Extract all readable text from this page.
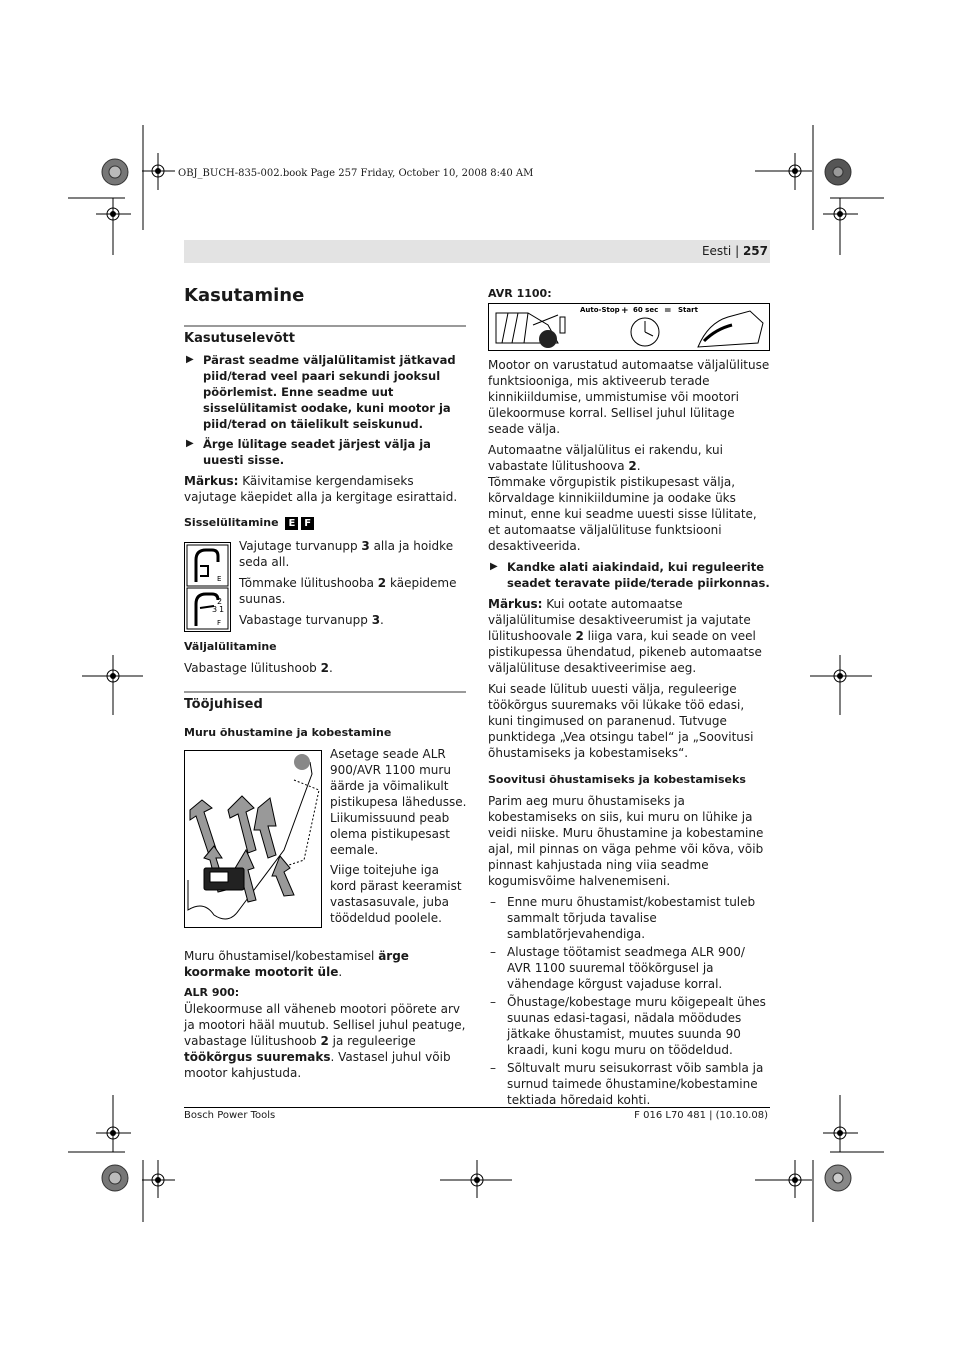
OBJ_BUCH-835-002.book Page 257 Friday, October 10, 2008 8:40 AM
Eesti | 257
Kasutamine
Kasutuselevõtt
▶ Pärast seadme väljalülitamist jätkavad piid/terad veel paari sekundi jooksul pöörlemist. Enne seadme uut sisselülitamist oodake, kuni mootor ja piid/terad on täielikult seiskunud.
▶ Ärge lülitage seadet järjest välja ja uuesti sisse.

Märkus: Käivitamise kergendamiseks vajutage käepidet alla ja kergitage esirattaid.

Sisselülitamine E F
E
2
1
3
F

Vajutage turvanupp 3 alla ja hoidke seda all.

Tõmmake lülitushooba 2 käepideme suunas.

Vabastage turvanupp 3.

Väljalülitamine

Vabastage lülitushoob 2.

Tööjuhised
Muru õhustamine ja kobestamine

Asetage seade ALR 900/AVR 1100 muru äärde ja võimalikult pistikupesa lähedusse. Liikumissuund peab olema pistikupesast eemale.

Viige toitejuhe iga kord pärast keeramist vastasasuvale, juba töödeldud poolele.

Muru õhustamisel/kobestamisel ärge koormake mootorit üle.

ALR 900:

Ülekoormuse all väheneb mootori pöörete arv ja mootori hääl muutub. Sellisel juhul peatuge, vabastage lülitushoob 2 ja reguleerige töökõrgus suuremaks. Vastasel juhul võib mootor kahjustuda.

AVR 1100:
Auto-Stop + 60 sec = Start

Mootor on varustatud automaatse väljalülituse funktsiooniga, mis aktiveerub terade kinnikiildumise, ummistumise või mootori ülekoormuse korral. Sellisel juhul lülitage seade välja.

Automaatne väljalülitus ei rakendu, kui vabastate lülitushoova 2.

Tõmmake võrgupistik pistikupesast välja, kõrvaldage kinnikiildumine ja oodake üks minut, enne kui seadme uuesti sisse lülitate, et automaatse väljalülituse funktsiooni desaktiveerida.

▶ Kandke alati aiakindaid, kui reguleerite seadet teravate piide/terade piirkonnas.

Märkus: Kui ootate automaatse väljalülitumise desaktiveerumist ja vajutate lülitushoovale 2 liiga vara, kui seade on veel pistikupessa ühendatud, pikeneb automaatse väljalülituse desaktiveerimise aeg.

Kui seade lülitub uuesti välja, reguleerige töökõrgus suuremaks või lükake töö edasi, kuni tingimused on paranenud. Tutvuge punktidega „Vea otsingu tabel“ ja „Soovitusi õhustamiseks ja kobestamiseks“.

Soovitusi õhustamiseks ja kobestamiseks

Parim aeg muru õhustamiseks ja kobestamiseks on siis, kui muru on lühike ja veidi niiske. Muru õhustamine ja kobestamine ajal, mil pinnas on väga pehme või kõva, võib pinnast kahjustada ning viia seadme kogumisvõime halvenemiseni.

– Enne muru õhustamist/kobestamist tuleb sammalt tõrjuda tavalise samblatõrjevahendiga.
– Alustage töötamist seadmega ALR 900/ AVR 1100 suuremal töökõrgusel ja vähendage kõrgust vajaduse korral.
– Õhustage/kobestage muru kõigepealt ühes suunas edasi-tagasi, nädala möödudes jätkake õhustamist, muutes suunda 90 kraadi, kuni kogu muru on töödeldud.
– Sõltuvalt muru seisukorrast võib sambla ja surnud taimede õhustamine/kobestamine tektiada hõredaid kohti.
Bosch Power Tools	F 016 L70 481 | (10.10.08)
